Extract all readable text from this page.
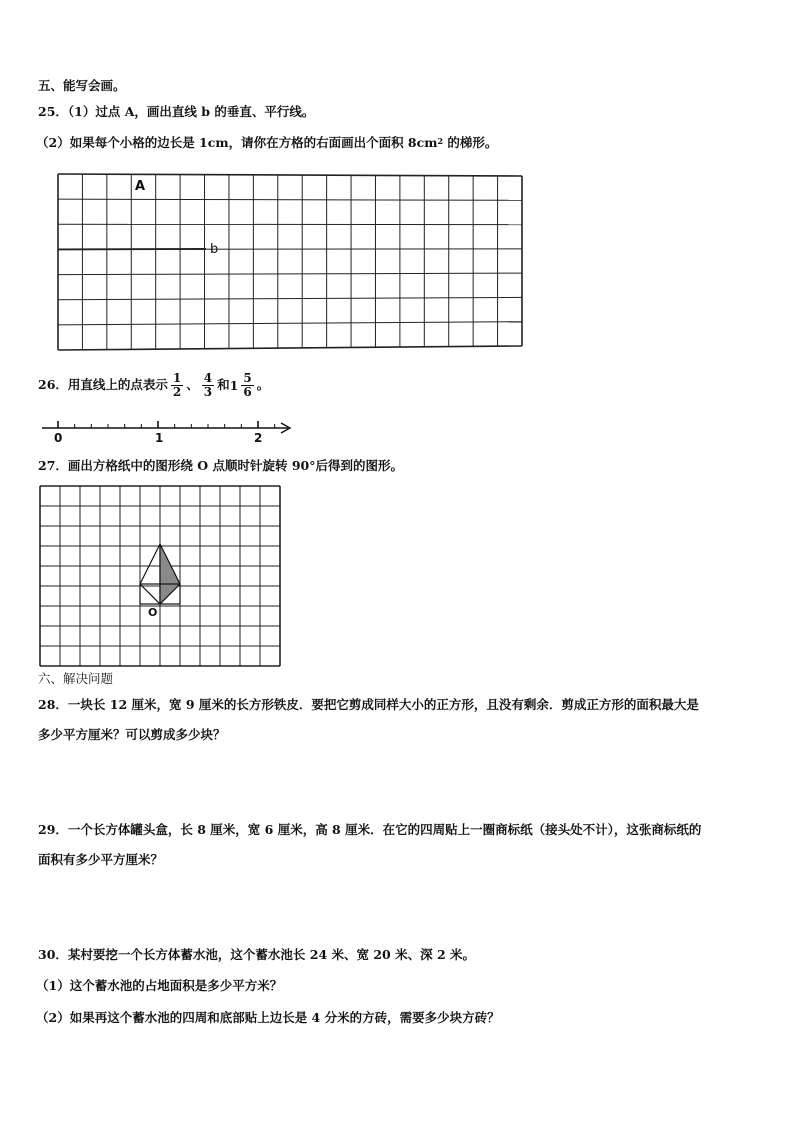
五、能写会画。
25．（1）过点 A，画出直线 b 的垂直、平行线。
（2）如果每个小格的边长是 1cm，请你在方格的右面画出个面积 $8cm^2$ 的梯形。
A
b
26．用直线上的点表示 $\frac{1}{2}$ 、 $\frac{4}{3}$ 和$1 \frac{5}{6}$ 。
0	1	2
27．画出方格纸中的图形绕 O 点顺时针旋转 90°后得到的图形。
O
六、解决问题
28．一块长 12 厘米，宽 9 厘米的长方形铁皮．要把它剪成同样大小的正方形，且没有剩余．剪成正方形的面积最大是
多少平方厘米？可以剪成多少块？
29．一个长方体罐头盒，长 8 厘米，宽 6 厘米，高 8 厘米．在它的四周贴上一圈商标纸（接头处不计），这张商标纸的
面积有多少平方厘米？
30．某村要挖一个长方体蓄水池，这个蓄水池长 24 米、宽 20 米、深 2 米。
（1）这个蓄水池的占地面积是多少平方米？
（2）如果再这个蓄水池的四周和底部贴上边长是 4 分米的方砖，需要多少块方砖？
